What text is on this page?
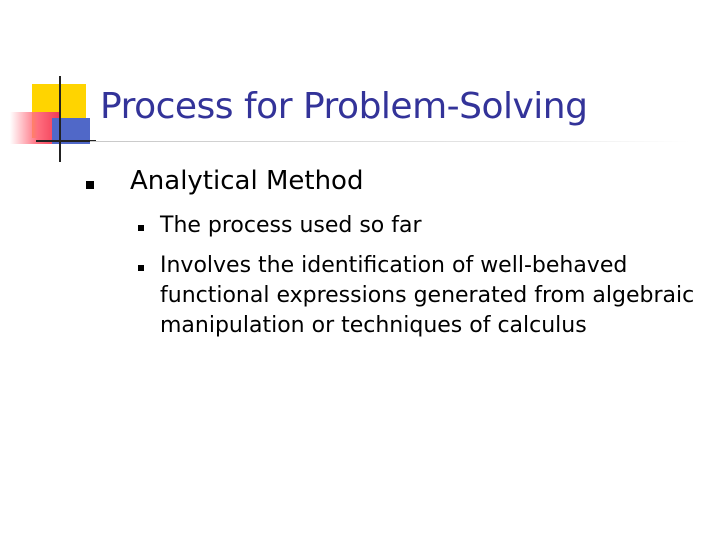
Process for Problem-Solving
Analytical Method
The process used so far
Involves the identification of well-behaved functional expressions generated from algebraic manipulation or techniques of calculus
